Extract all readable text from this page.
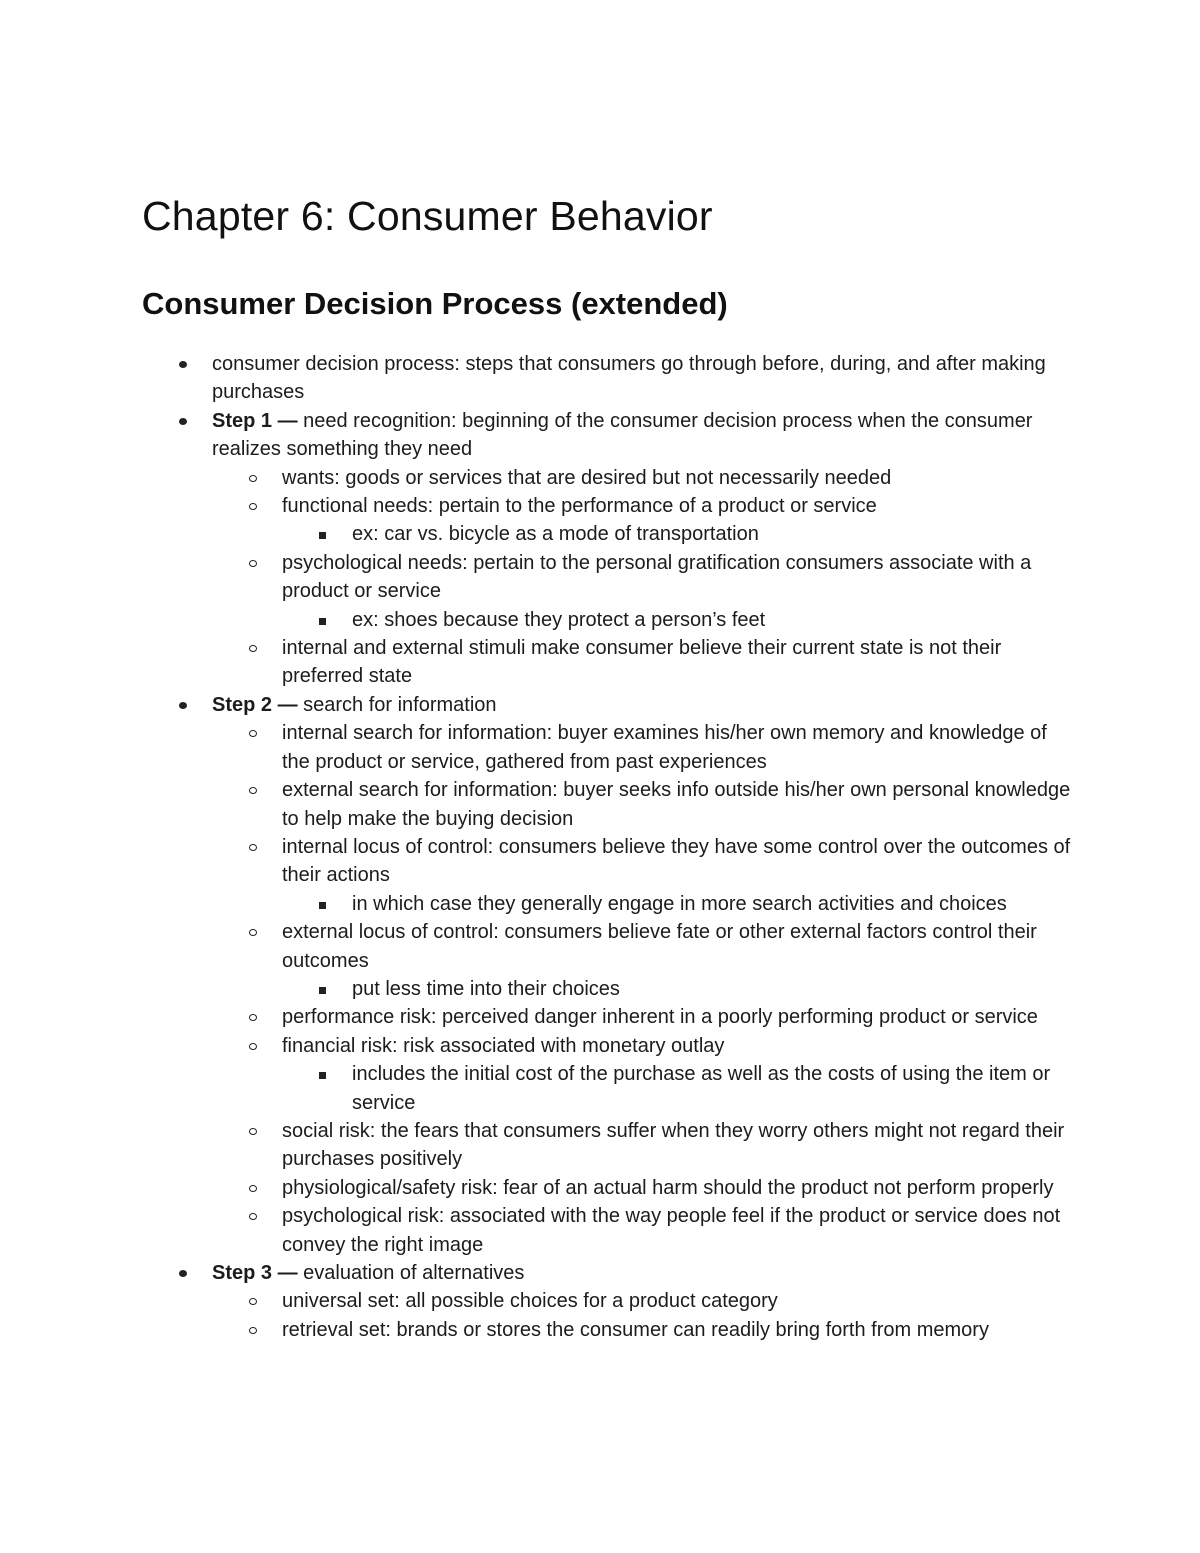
Chapter 6: Consumer Behavior
Consumer Decision Process (extended)
consumer decision process: steps that consumers go through before, during, and after making purchases
Step 1 — need recognition: beginning of the consumer decision process when the consumer realizes something they need
wants: goods or services that are desired but not necessarily needed
functional needs: pertain to the performance of a product or service
ex: car vs. bicycle as a mode of transportation
psychological needs: pertain to the personal gratification consumers associate with a product or service
ex: shoes because they protect a person’s feet
internal and external stimuli make consumer believe their current state is not their preferred state
Step 2 — search for information
internal search for information: buyer examines his/her own memory and knowledge of the product or service, gathered from past experiences
external search for information: buyer seeks info outside his/her own personal knowledge to help make the buying decision
internal locus of control: consumers believe they have some control over the outcomes of their actions
in which case they generally engage in more search activities and choices
external locus of control: consumers believe fate or other external factors control their outcomes
put less time into their choices
performance risk: perceived danger inherent in a poorly performing product or service
financial risk: risk associated with monetary outlay
includes the initial cost of the purchase as well as the costs of using the item or service
social risk: the fears that consumers suffer when they worry others might not regard their purchases positively
physiological/safety risk: fear of an actual harm should the product not perform properly
psychological risk: associated with the way people feel if the product or service does not convey the right image
Step 3 — evaluation of alternatives
universal set: all possible choices for a product category
retrieval set: brands or stores the consumer can readily bring forth from memory
